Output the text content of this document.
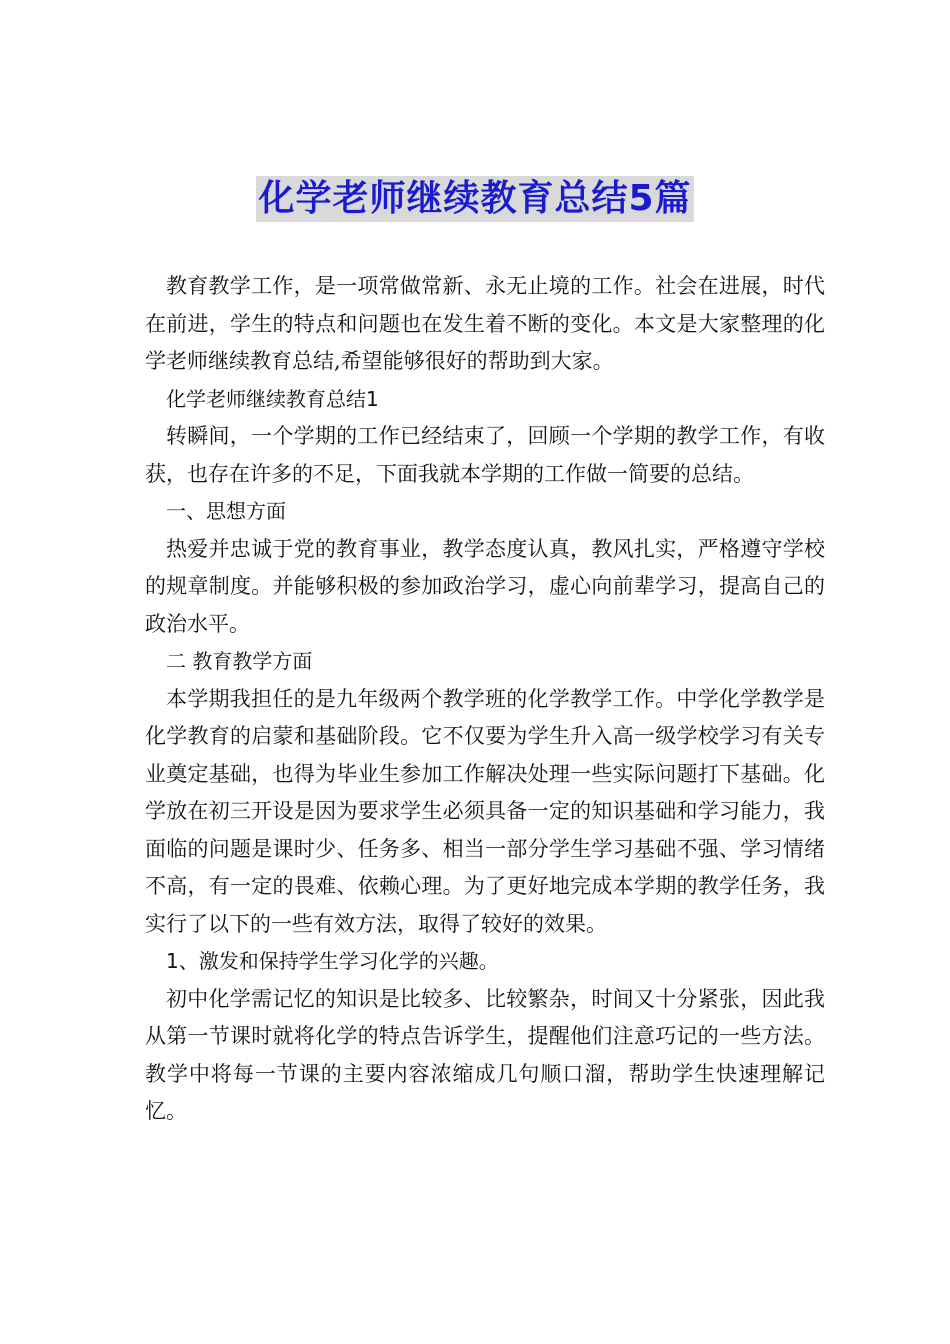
化学老师继续教育总结5篇

教育教学工作，是一项常做常新、永无止境的工作。社会在进展，时代在前进，学生的特点和问题也在发生着不断的变化。本文是大家整理的化学老师继续教育总结,希望能够很好的帮助到大家。

化学老师继续教育总结1

转瞬间，一个学期的工作已经结束了，回顾一个学期的教学工作，有收获，也存在许多的不足，下面我就本学期的工作做一简要的总结。

一、思想方面

热爱并忠诚于党的教育事业，教学态度认真，教风扎实，严格遵守学校的规章制度。并能够积极的参加政治学习，虚心向前辈学习，提高自己的政治水平。

二 教育教学方面

本学期我担任的是九年级两个教学班的化学教学工作。中学化学教学是化学教育的启蒙和基础阶段。它不仅要为学生升入高一级学校学习有关专业奠定基础，也得为毕业生参加工作解决处理一些实际问题打下基础。化学放在初三开设是因为要求学生必须具备一定的知识基础和学习能力，我面临的问题是课时少、任务多、相当一部分学生学习基础不强、学习情绪不高，有一定的畏难、依赖心理。为了更好地完成本学期的教学任务，我实行了以下的一些有效方法，取得了较好的效果。

1、激发和保持学生学习化学的兴趣。

初中化学需记忆的知识是比较多、比较繁杂，时间又十分紧张，因此我从第一节课时就将化学的特点告诉学生，提醒他们注意巧记的一些方法。教学中将每一节课的主要内容浓缩成几句顺口溜，帮助学生快速理解记忆。
